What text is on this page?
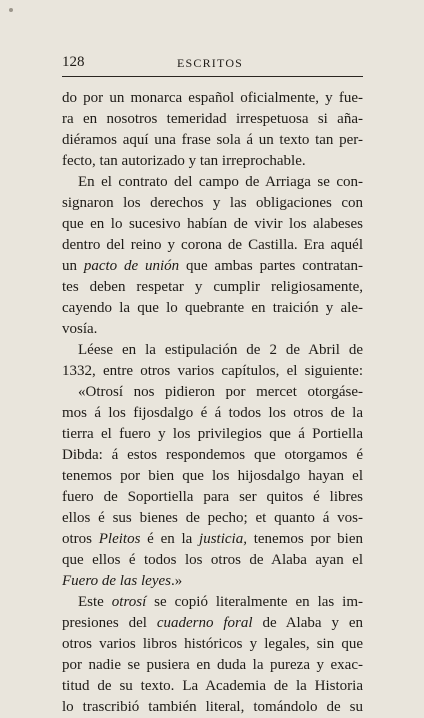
128	ESCRITOS
do por un monarca español oficialmente, y fue-
ra en nosotros temeridad irrespetuosa si aña-
diéramos aquí una frase sola á un texto tan per-
fecto, tan autorizado y tan irreprochable.
En el contrato del campo de Arriaga se con-
signaron los derechos y las obligaciones con
que en lo sucesivo habían de vivir los alabeses
dentro del reino y corona de Castilla. Era aquél
un pacto de unión que ambas partes contratan-
tes deben respetar y cumplir religiosamente,
cayendo la que lo quebrante en traición y ale-
vosía.
Léese en la estipulación de 2 de Abril de
1332, entre otros varios capítulos, el siguiente:
«Otrosí nos pidieron por mercet otorgáse-
mos á los fijosdalgo é á todos los otros de la
tierra el fuero y los privilegios que á Portiella
Dibda: á estos respondemos que otorgamos é
tenemos por bien que los hijosdalgo hayan el
fuero de Soportiella para ser quitos é libres
ellos é sus bienes de pecho; et quanto á vos-
otros Pleitos é en la justicia, tenemos por bien
que ellos é todos los otros de Alaba ayan el
Fuero de las leyes.»
Este otrosí se copió literalmente en las im-
presiones del cuaderno foral de Alaba y en
otros varios libros históricos y legales, sin que
por nadie se pusiera en duda la pureza y exac-
titud de su texto. La Academia de la Historia
lo trascribió también literal, tomándolo de su
